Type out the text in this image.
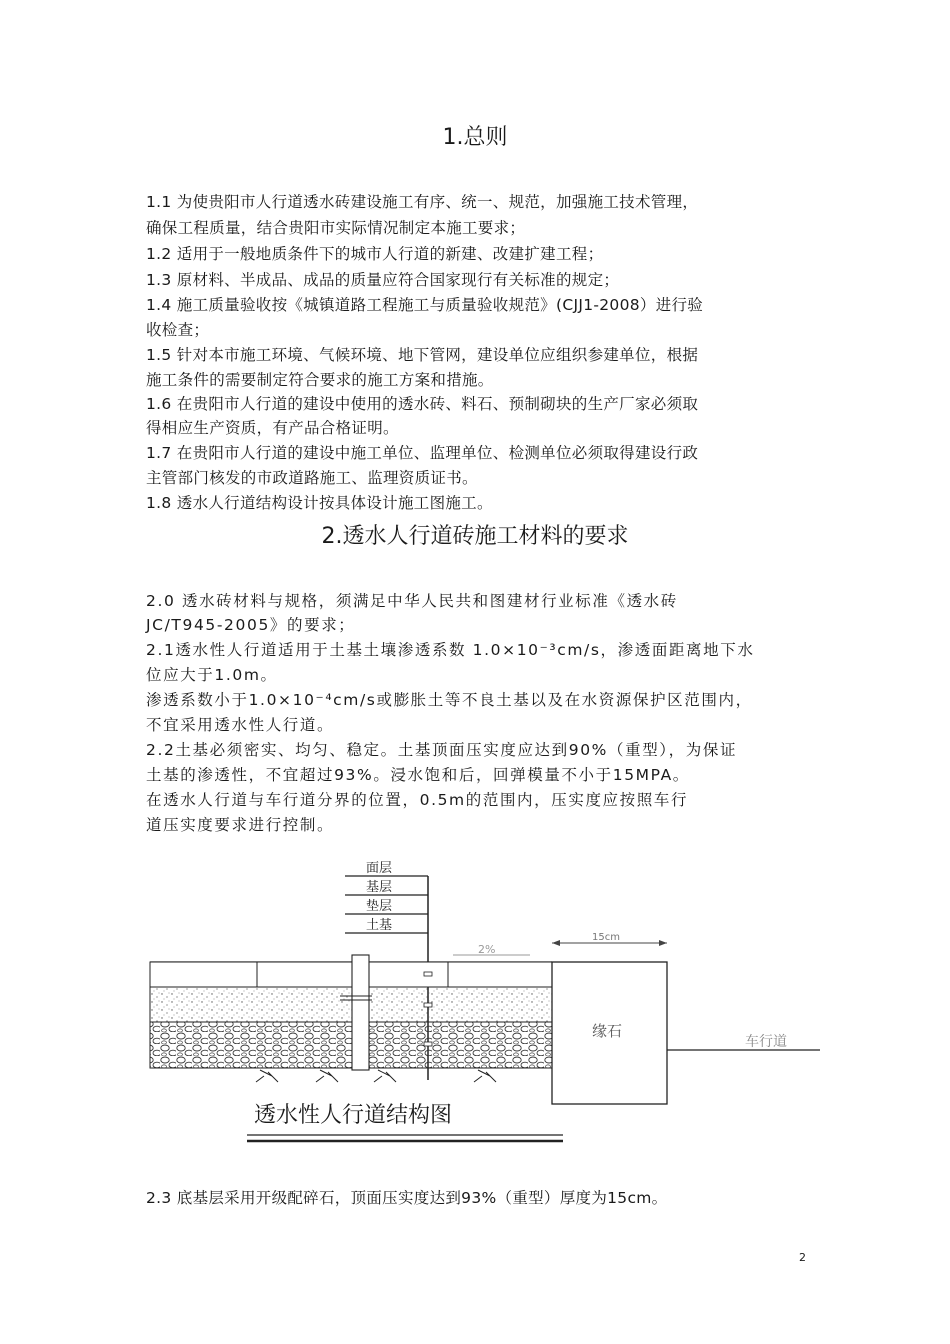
1.总则
1.1 为使贵阳市人行道透水砖建设施工有序、统一、规范，加强施工技术管理，
确保工程质量，结合贵阳市实际情况制定本施工要求；
1.2 适用于一般地质条件下的城市人行道的新建、改建扩建工程；
1.3 原材料、半成品、成品的质量应符合国家现行有关标准的规定；
1.4 施工质量验收按《城镇道路工程施工与质量验收规范》(CJJ1-2008）进行验
收检查；
1.5 针对本市施工环境、气候环境、地下管网，建设单位应组织参建单位，根据
施工条件的需要制定符合要求的施工方案和措施。
1.6 在贵阳市人行道的建设中使用的透水砖、料石、预制砌块的生产厂家必须取
得相应生产资质，有产品合格证明。
1.7 在贵阳市人行道的建设中施工单位、监理单位、检测单位必须取得建设行政
主管部门核发的市政道路施工、监理资质证书。
1.8 透水人行道结构设计按具体设计施工图施工。
2.透水人行道砖施工材料的要求
2.0 透水砖材料与规格，须满足中华人民共和图建材行业标准《透水砖
JC/T945-2005》的要求；
2.1透水性人行道适用于土基土壤渗透系数 1.0×10⁻³cm/s，渗透面距离地下水
位应大于1.0m。
渗透系数小于1.0×10⁻⁴cm/s或膨胀土等不良土基以及在水资源保护区范围内，
不宜采用透水性人行道。
2.2土基必须密实、均匀、稳定。土基顶面压实度应达到90%（重型），为保证
土基的渗透性，不宜超过93%。浸水饱和后，回弹模量不小于15MPA。
在透水人行道与车行道分界的位置，0.5m的范围内，压实度应按照车行
道压实度要求进行控制。
面层
基层
垫层
土基
2%
15cm
缘石
车行道
透水性人行道结构图
2.3 底基层采用开级配碎石，顶面压实度达到93%（重型）厚度为15cm。
2
